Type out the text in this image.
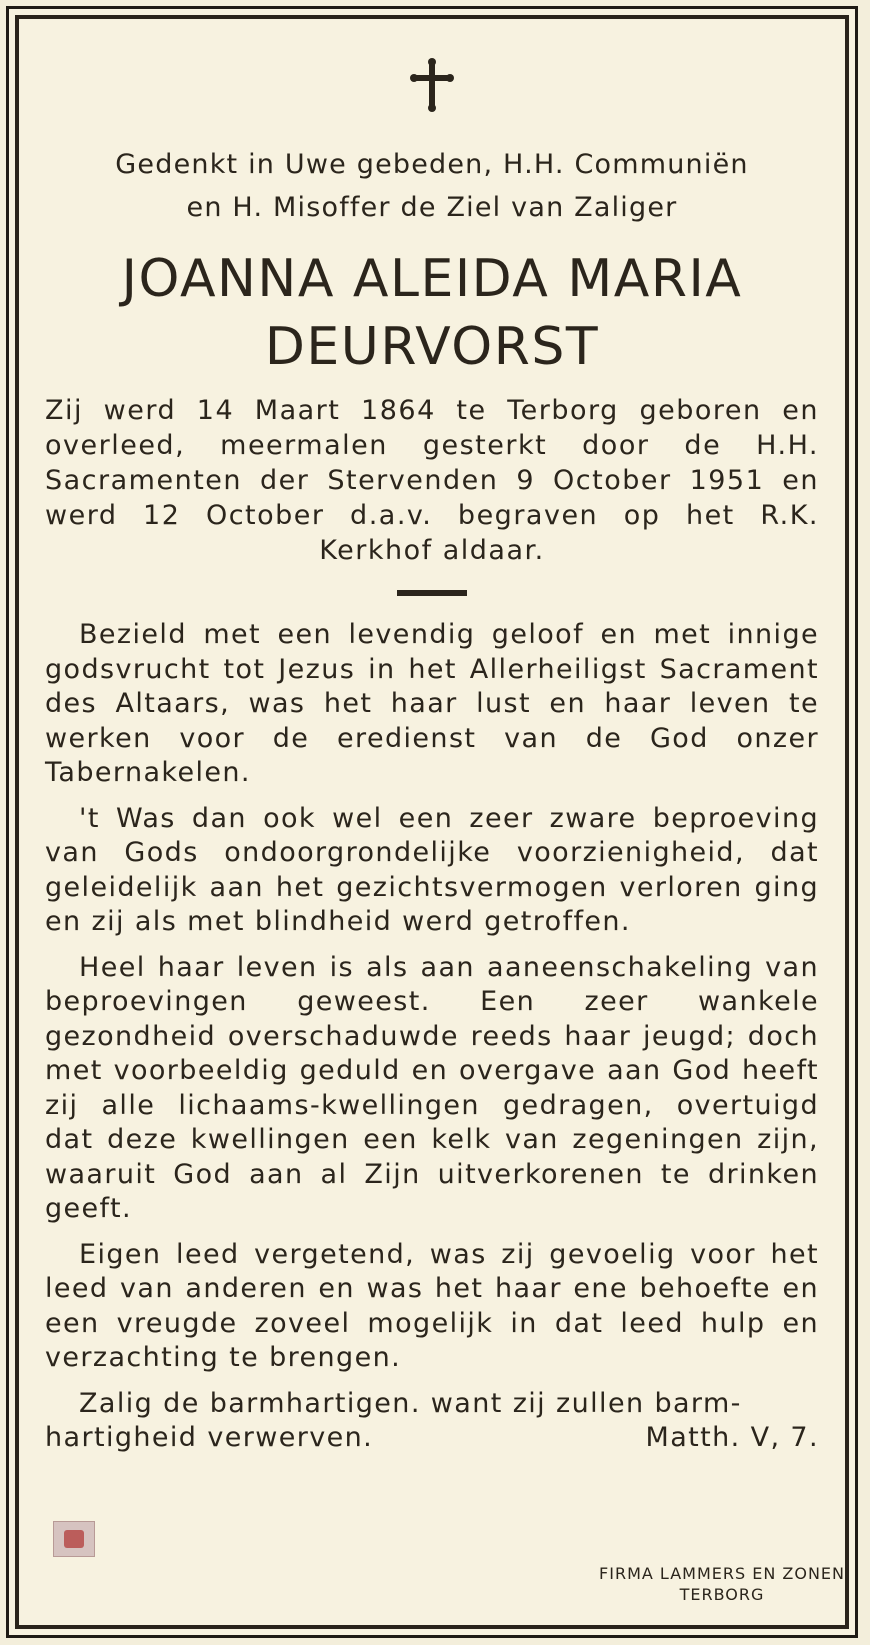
Gedenkt in Uwe gebeden, H.H. Communiën
en H. Misoffer de Ziel van Zaliger
JOANNA ALEIDA MARIA
DEURVORST
Zij werd 14 Maart 1864 te Terborg geboren en overleed, meermalen gesterkt door de H.H. Sacramenten der Stervenden 9 October 1951 en werd 12 October d.a.v. begraven op het R.K. Kerkhof aldaar.

Bezield met een levendig geloof en met innige godsvrucht tot Jezus in het Allerheiligst Sacrament des Altaars, was het haar lust en haar leven te werken voor de eredienst van de God onzer Tabernakelen.

't Was dan ook wel een zeer zware beproeving van Gods ondoorgrondelijke voorzienigheid, dat geleidelijk aan het gezichtsvermogen verloren ging en zij als met blindheid werd getroffen.

Heel haar leven is als aan aaneenschakeling van beproevingen geweest. Een zeer wankele gezondheid overschaduwde reeds haar jeugd; doch met voorbeeldig geduld en overgave aan God heeft zij alle lichaams-kwellingen gedragen, overtuigd dat deze kwellingen een kelk van zegeningen zijn, waaruit God aan al Zijn uitverkorenen te drinken geeft.

Eigen leed vergetend, was zij gevoelig voor het leed van anderen en was het haar ene behoefte en een vreugde zoveel mogelijk in dat leed hulp en verzachting te brengen.

Zalig de barmhartigen. want zij zullen barm-
hartigheid verwerven.	Matth. V, 7.
FIRMA LAMMERS EN ZONEN
TERBORG
